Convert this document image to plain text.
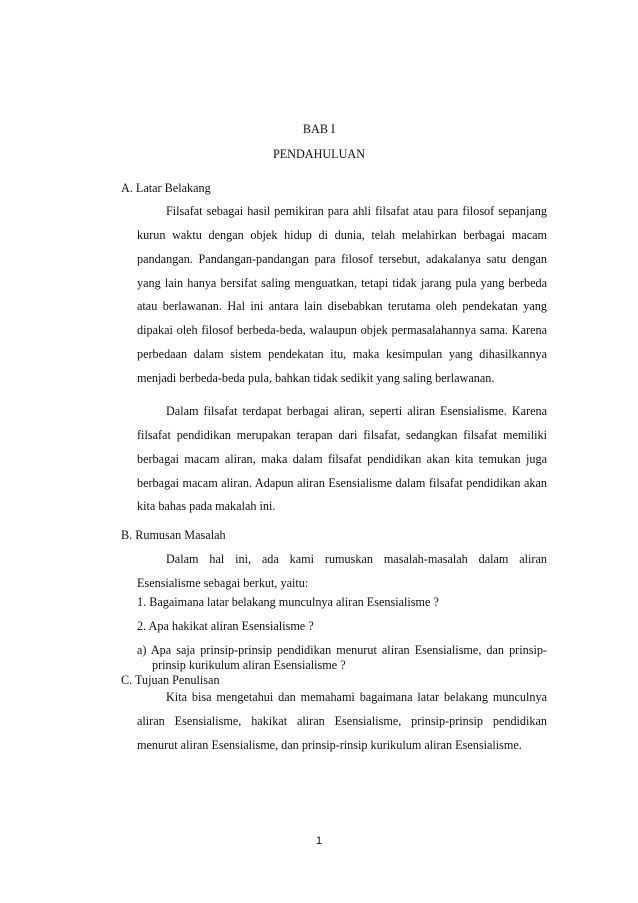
BAB I
PENDAHULUAN
A. Latar Belakang
Filsafat sebagai hasil pemikiran para ahli filsafat atau para filosof sepanjang kurun waktu dengan objek hidup di dunia, telah melahirkan berbagai macam pandangan. Pandangan-pandangan para filosof tersebut, adakalanya satu dengan yang lain hanya bersifat saling menguatkan, tetapi tidak jarang pula yang berbeda atau berlawanan. Hal ini antara lain disebabkan terutama oleh pendekatan yang dipakai oleh filosof berbeda-beda, walaupun objek permasalahannya sama. Karena perbedaan dalam sistem pendekatan itu, maka kesimpulan yang dihasilkannya menjadi berbeda-beda pula, bahkan tidak sedikit yang saling berlawanan.
Dalam filsafat terdapat berbagai aliran, seperti aliran Esensialisme. Karena filsafat pendidikan merupakan terapan dari filsafat, sedangkan filsafat memiliki berbagai macam aliran, maka dalam filsafat pendidikan akan kita temukan juga berbagai macam aliran. Adapun aliran Esensialisme dalam filsafat pendidikan akan kita bahas pada makalah ini.
B. Rumusan Masalah
Dalam hal ini, ada kami rumuskan masalah-masalah dalam aliran Esensialisme sebagai berkut, yaitu:
1. Bagaimana latar belakang munculnya aliran Esensialisme ?
2. Apa hakikat aliran Esensialisme ?
a) Apa saja prinsip-prinsip pendidikan menurut aliran Esensialisme, dan prinsip-prinsip kurikulum aliran Esensialisme ?
C. Tujuan Penulisan
Kita bisa mengetahui dan memahami bagaimana latar belakang munculnya aliran Esensialisme, hakikat aliran Esensialisme, prinsip-prinsip pendidikan menurut aliran Esensialisme, dan prinsip-rinsip kurikulum aliran Esensialisme.
1
